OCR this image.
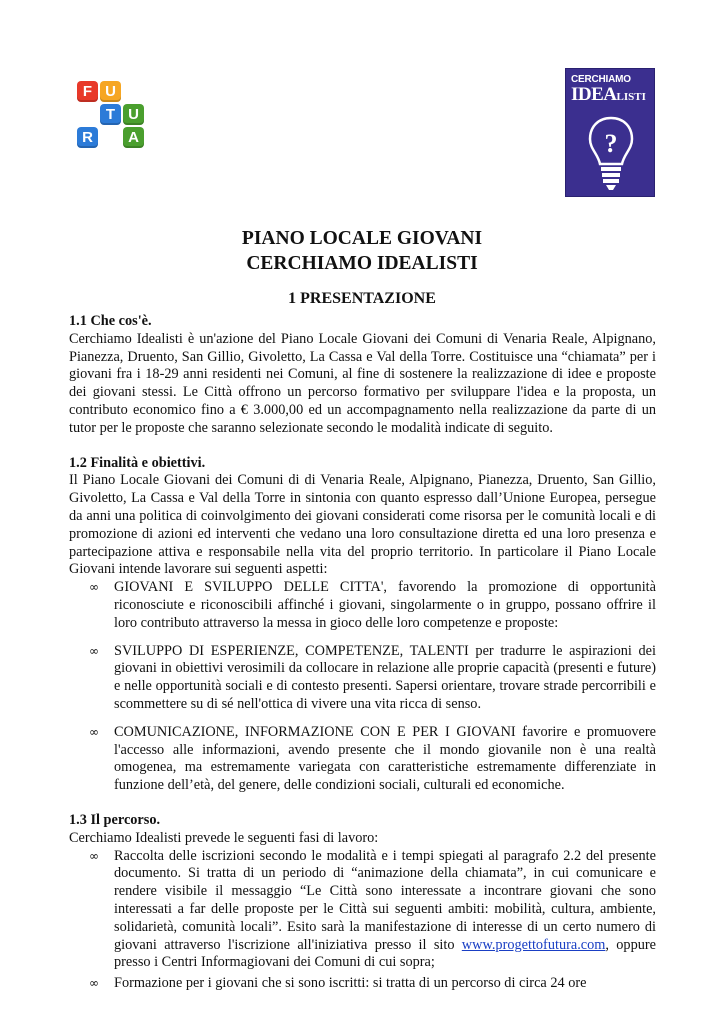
F U
T U
R	A
CERCHIAMO
IDEALISTI
?
PIANO LOCALE GIOVANI
CERCHIAMO IDEALISTI
1 PRESENTAZIONE
1.1 Che cos'è.
Cerchiamo Idealisti è un'azione del Piano Locale Giovani dei Comuni di Venaria Reale, Alpignano, Pianezza, Druento, San Gillio, Givoletto, La Cassa e Val della Torre. Costituisce una “chiamata” per i giovani fra i 18-29 anni residenti nei Comuni, al fine di sostenere la realizzazione di idee e proposte dei giovani stessi. Le Città offrono un percorso formativo per sviluppare l'idea e la proposta, un contributo economico fino a € 3.000,00 ed un accompagnamento nella realizzazione da parte di un tutor per le proposte che saranno selezionate secondo le modalità indicate di seguito.
1.2 Finalità e obiettivi.
Il Piano Locale Giovani dei Comuni di di Venaria Reale, Alpignano, Pianezza, Druento, San Gillio, Givoletto, La Cassa e Val della Torre in sintonia con quanto espresso dall’Unione Europea, persegue da anni una politica di coinvolgimento dei giovani considerati come risorsa per le comunità locali e di promozione di azioni ed interventi che vedano una loro consultazione diretta ed una loro presenza e partecipazione attiva e responsabile nella vita del proprio territorio. In particolare il Piano Locale Giovani intende lavorare sui seguenti aspetti:
∞ GIOVANI E SVILUPPO DELLE CITTA', favorendo la promozione di opportunità riconosciute e riconoscibili affinché i giovani, singolarmente o in gruppo, possano offrire il loro contributo attraverso la messa in gioco delle loro competenze e proposte:
∞ SVILUPPO DI ESPERIENZE, COMPETENZE, TALENTI per tradurre le aspirazioni dei giovani in obiettivi verosimili da collocare in relazione alle proprie capacità (presenti e future) e nelle opportunità sociali e di contesto presenti. Sapersi orientare, trovare strade percorribili e scommettere su di sé nell'ottica di vivere una vita ricca di senso.
∞ COMUNICAZIONE, INFORMAZIONE CON E PER I GIOVANI favorire e promuovere l'accesso alle informazioni, avendo presente che il mondo giovanile non è una realtà omogenea, ma estremamente variegata con caratteristiche estremamente differenziate in funzione dell’età, del genere, delle condizioni sociali, culturali ed economiche.
1.3 Il percorso.
Cerchiamo Idealisti prevede le seguenti fasi di lavoro:
∞ Raccolta delle iscrizioni secondo le modalità e i tempi spiegati al paragrafo 2.2 del presente documento. Si tratta di un periodo di “animazione della chiamata”, in cui comunicare e rendere visibile il messaggio “Le Città sono interessate a incontrare giovani che sono interessati a far delle proposte per le Città sui seguenti ambiti: mobilità, cultura, ambiente, solidarietà, comunità locali”. Esito sarà la manifestazione di interesse di un certo numero di giovani attraverso l'iscrizione all'iniziativa presso il sito www.progettofutura.com, oppure presso i Centri Informagiovani dei Comuni di cui sopra;
∞ Formazione per i giovani che si sono iscritti: si tratta di un percorso di circa 24 ore
